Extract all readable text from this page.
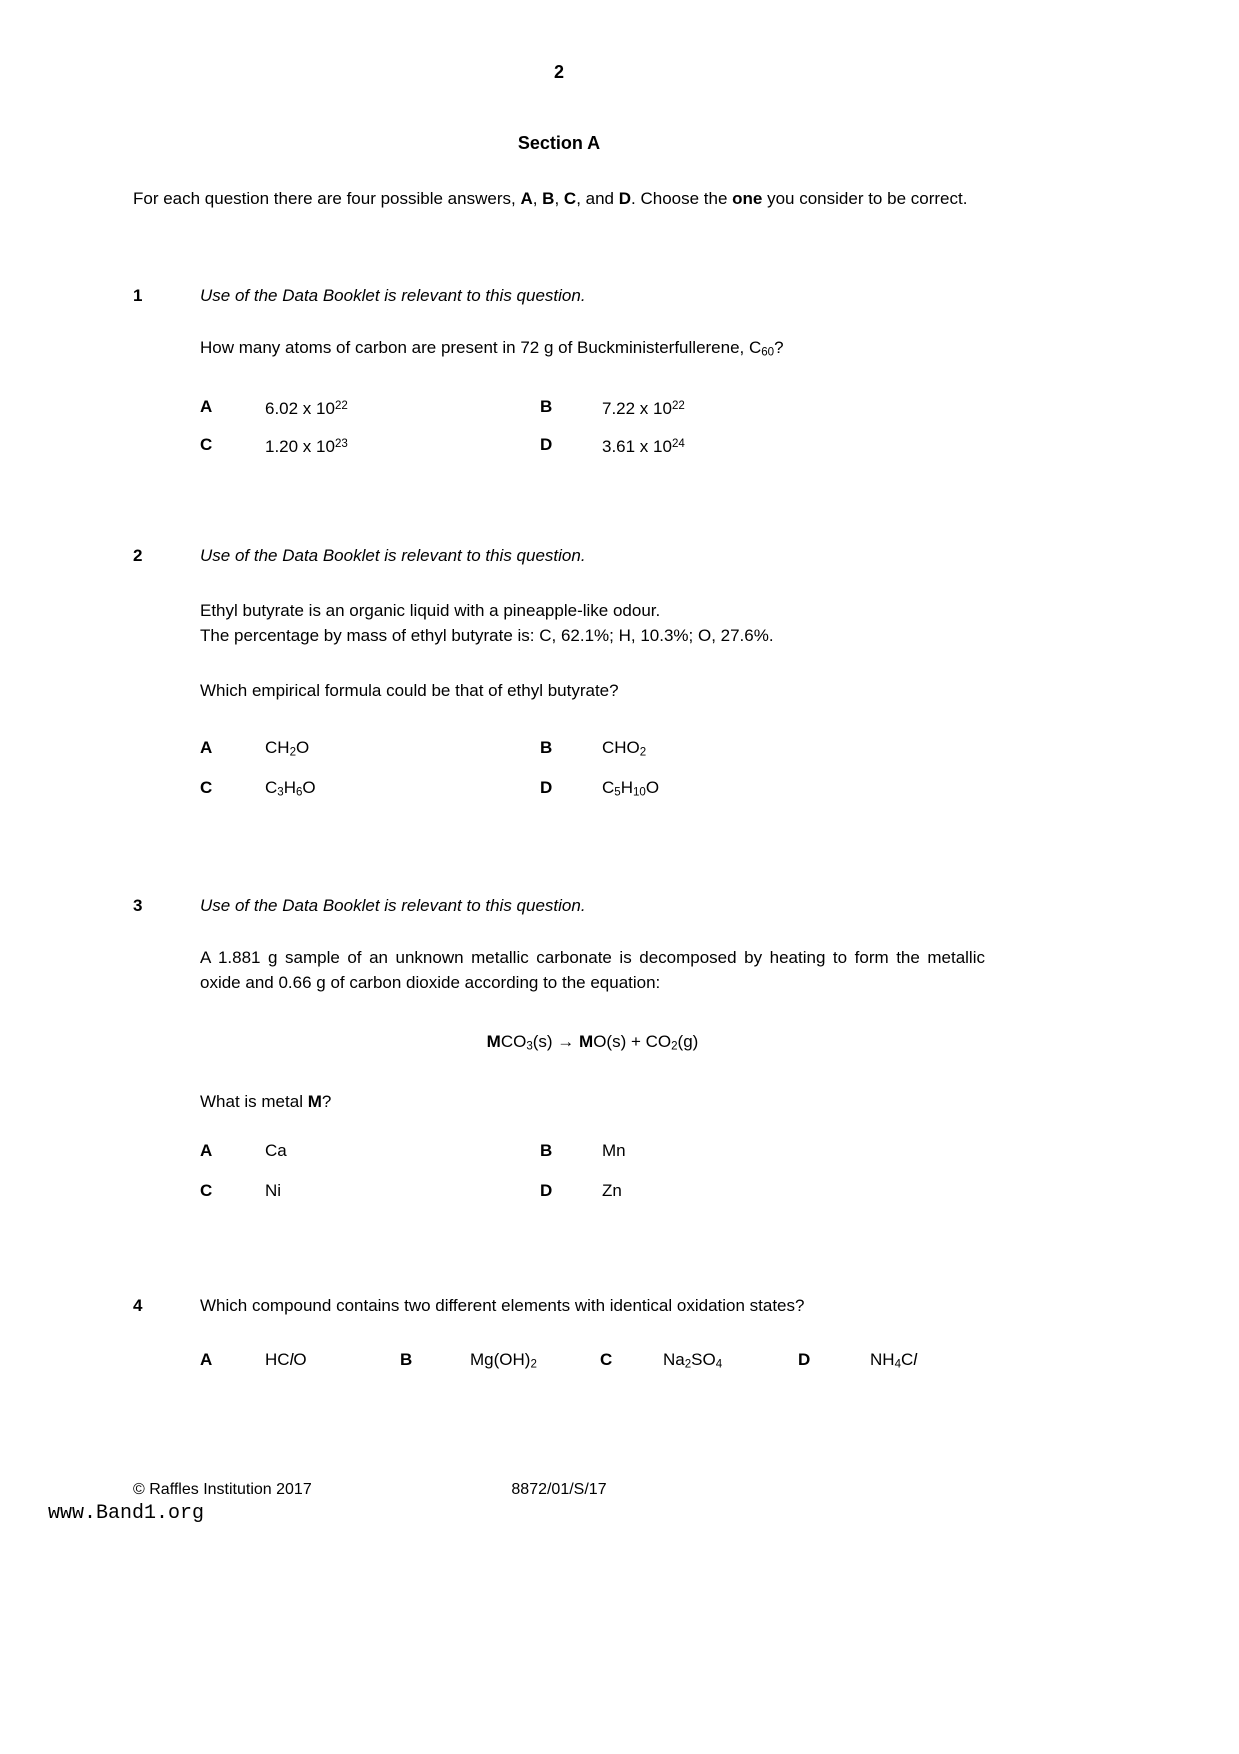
2
Section A

For each question there are four possible answers, A, B, C, and D. Choose the one you consider to be correct.

1	Use of the Data Booklet is relevant to this question.

How many atoms of carbon are present in 72 g of Buckministerfullerene, C60?

A	6.02 x $10^{22}$	B	7.22 x $10^{22}$
C	1.20 x $10^{23}$	D	3.61 x $10^{24}$
2	Use of the Data Booklet is relevant to this question.

Ethyl butyrate is an organic liquid with a pineapple-like odour.

The percentage by mass of ethyl butyrate is: C, 62.1%; H, 10.3%; O, 27.6%.

Which empirical formula could be that of ethyl butyrate?

A	CH2O	B	CHO2
C	C3H6O	D	C5H10O
3	Use of the Data Booklet is relevant to this question.

A 1.881 g sample of an unknown metallic carbonate is decomposed by heating to form the metallic oxide and 0.66 g of carbon dioxide according to the equation:

MCO3(s) → MO(s) + CO2(g)

What is metal M?

A	Ca	B	Mn
C	Ni	D	Zn
4	Which compound contains two different elements with identical oxidation states?

A	HClO	B	Mg(OH)2	C	Na2SO4	D	NH4Cl
© Raffles Institution 2017	8872/01/S/17
www.Band1.org
